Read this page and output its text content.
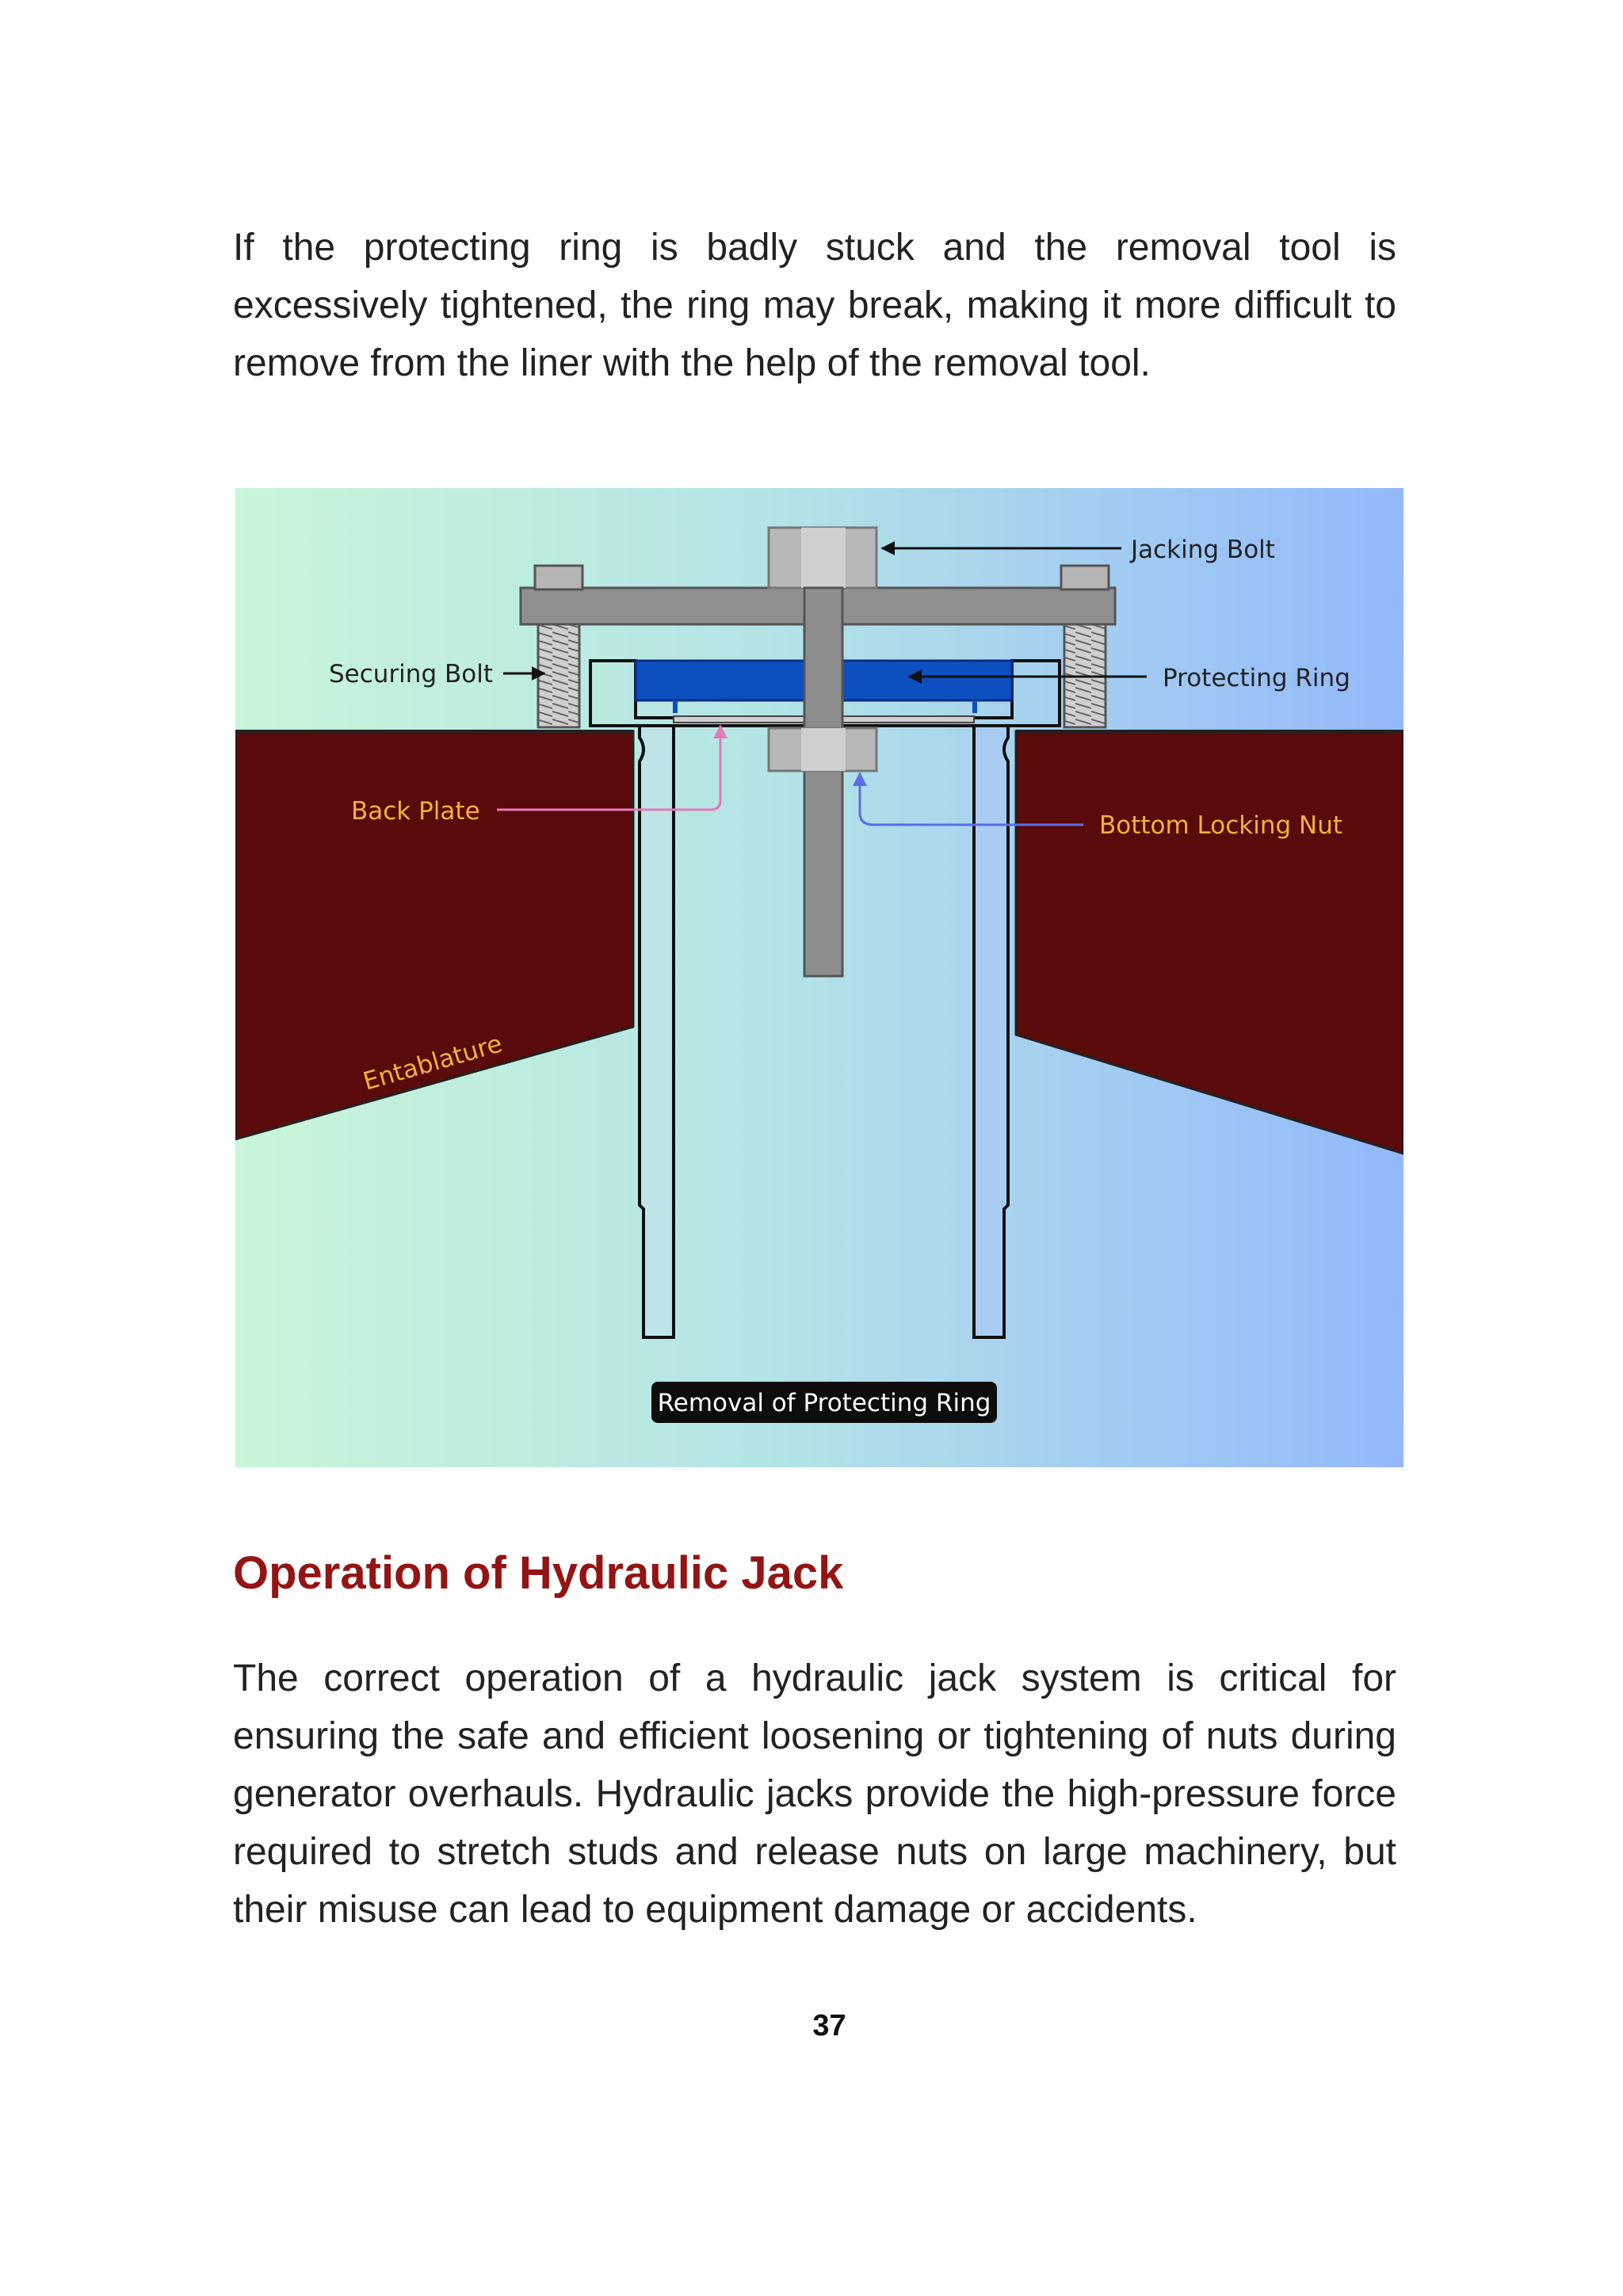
If the protecting ring is badly stuck and the removal tool is excessively tightened, the ring may break, making it more difficult to remove from the liner with the help of the removal tool.

Jacking Bolt
Securing Bolt	Protecting Ring
Back Plate	Bottom Locking Nut
Entablature
Removal of Protecting Ring
Operation of Hydraulic Jack

The correct operation of a hydraulic jack system is critical for ensuring the safe and efficient loosening or tightening of nuts during generator overhauls. Hydraulic jacks provide the high-pressure force required to stretch studs and release nuts on large machinery, but their misuse can lead to equipment damage or accidents.

37
